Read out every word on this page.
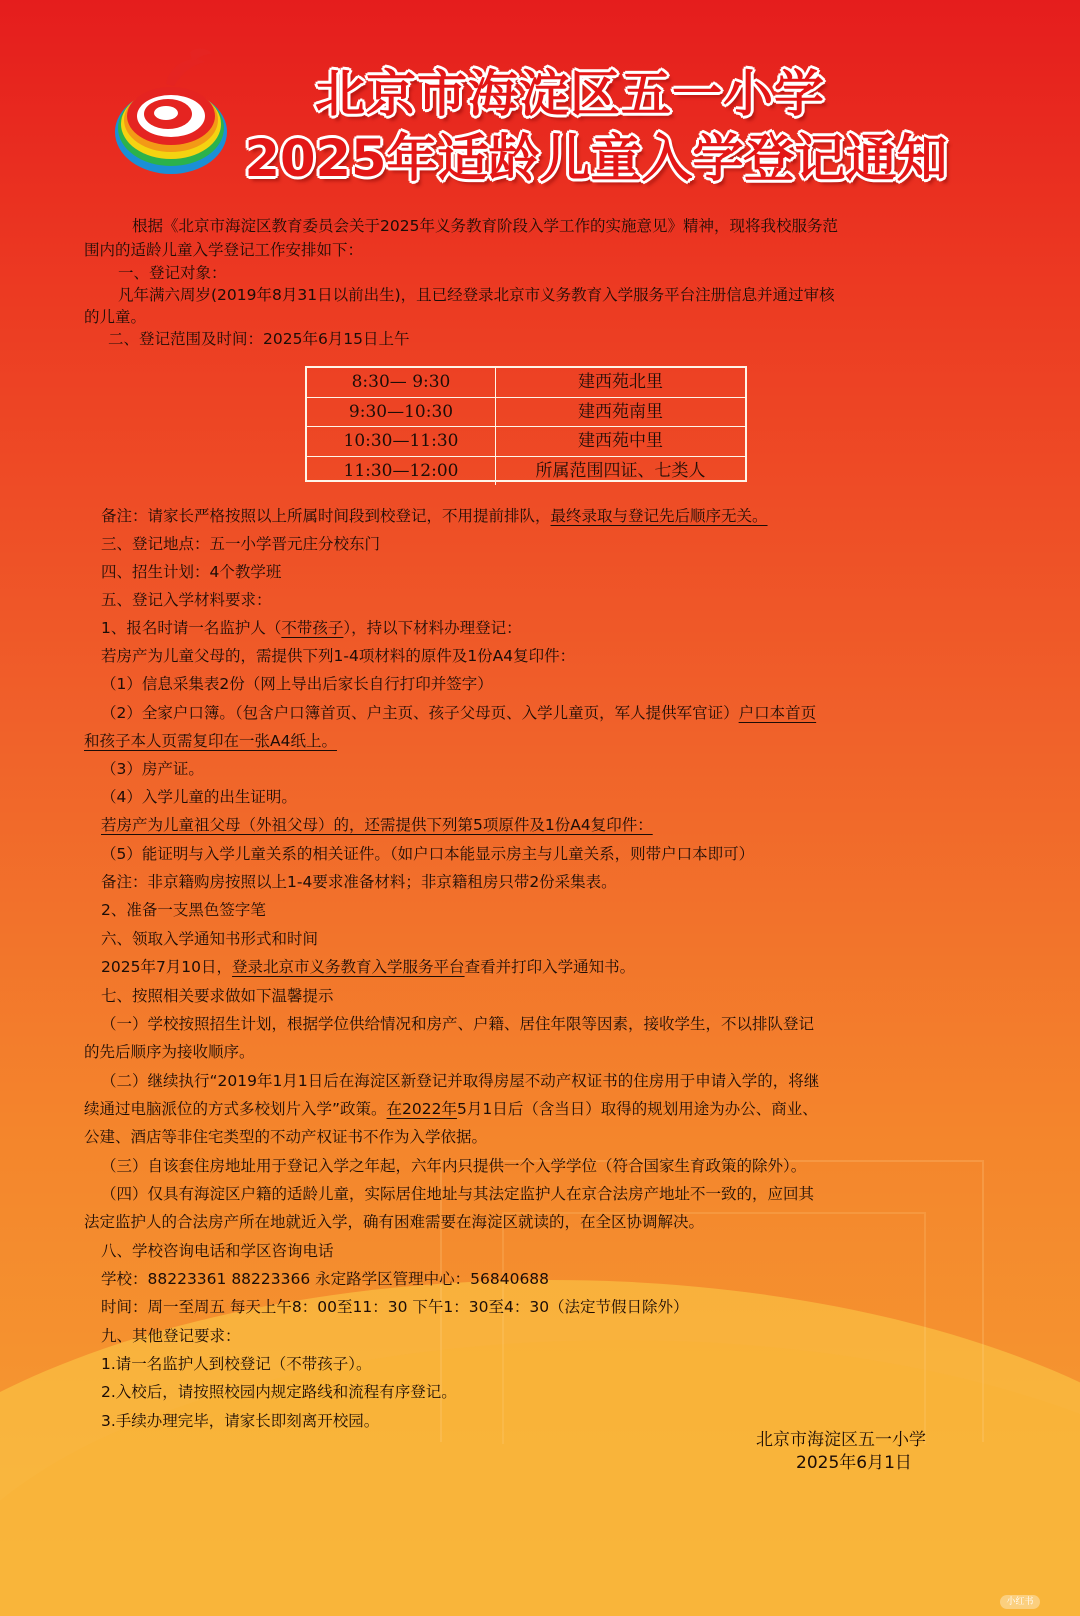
北京市海淀区五一小学
2025年适龄儿童入学登记通知
根据《北京市海淀区教育委员会关于2025年义务教育阶段入学工作的实施意见》精神，现将我校服务范
围内的适龄儿童入学登记工作安排如下：
一、登记对象：
凡年满六周岁(2019年8月31日以前出生)，且已经登录北京市义务教育入学服务平台注册信息并通过审核
的儿童。
二、登记范围及时间：2025年6月15日上午
8:30— 9:30	建西苑北里
9:30—10:30	建西苑南里
10:30—11:30	建西苑中里
11:30—12:00	所属范围四证、七类人
备注：请家长严格按照以上所属时间段到校登记，不用提前排队，最终录取与登记先后顺序无关。
三、登记地点：五一小学晋元庄分校东门
四、招生计划：4个教学班
五、登记入学材料要求：
1、报名时请一名监护人（不带孩子），持以下材料办理登记：
若房产为儿童父母的，需提供下列1-4项材料的原件及1份A4复印件：
（1）信息采集表2份（网上导出后家长自行打印并签字）
（2）全家户口簿。（包含户口簿首页、户主页、孩子父母页、入学儿童页，军人提供军官证）户口本首页
和孩子本人页需复印在一张A4纸上。
（3）房产证。
（4）入学儿童的出生证明。
若房产为儿童祖父母（外祖父母）的，还需提供下列第5项原件及1份A4复印件：
（5）能证明与入学儿童关系的相关证件。（如户口本能显示房主与儿童关系，则带户口本即可）
备注：非京籍购房按照以上1-4要求准备材料；非京籍租房只带2份采集表。
2、准备一支黑色签字笔
六、领取入学通知书形式和时间
2025年7月10日，登录北京市义务教育入学服务平台查看并打印入学通知书。
七、按照相关要求做如下温馨提示
（一）学校按照招生计划，根据学位供给情况和房产、户籍、居住年限等因素，接收学生，不以排队登记
的先后顺序为接收顺序。
（二）继续执行“2019年1月1日后在海淀区新登记并取得房屋不动产权证书的住房用于申请入学的，将继
续通过电脑派位的方式多校划片入学”政策。在2022年5月1日后（含当日）取得的规划用途为办公、商业、
公建、酒店等非住宅类型的不动产权证书不作为入学依据。
（三）自该套住房地址用于登记入学之年起，六年内只提供一个入学学位（符合国家生育政策的除外）。
（四）仅具有海淀区户籍的适龄儿童，实际居住地址与其法定监护人在京合法房产地址不一致的，应回其
法定监护人的合法房产所在地就近入学，确有困难需要在海淀区就读的，在全区协调解决。
八、学校咨询电话和学区咨询电话
学校：88223361 88223366 永定路学区管理中心：56840688
时间：周一至周五 每天上午8：00至11：30 下午1：30至4：30（法定节假日除外）
九、其他登记要求：
1.请一名监护人到校登记（不带孩子）。
2.入校后，请按照校园内规定路线和流程有序登记。
3.手续办理完毕，请家长即刻离开校园。
北京市海淀区五一小学
2025年6月1日
小红书
